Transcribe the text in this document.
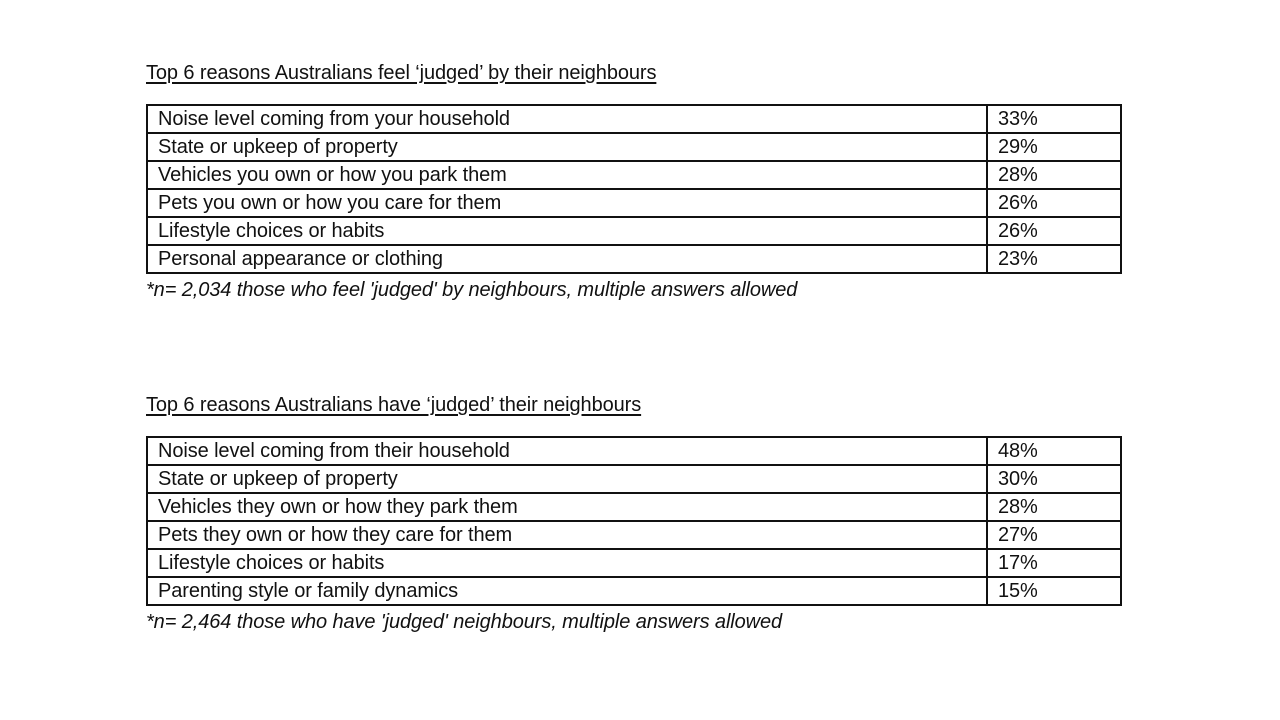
Top 6 reasons Australians feel ‘judged’ by their neighbours
Noise level coming from your household	33%
State or upkeep of property	29%
Vehicles you own or how you park them	28%
Pets you own or how you care for them	26%
Lifestyle choices or habits	26%
Personal appearance or clothing	23%
*n= 2,034 those who feel 'judged' by neighbours, multiple answers allowed
Top 6 reasons Australians have ‘judged’ their neighbours
Noise level coming from their household	48%
State or upkeep of property	30%
Vehicles they own or how they park them	28%
Pets they own or how they care for them	27%
Lifestyle choices or habits	17%
Parenting style or family dynamics	15%
*n= 2,464 those who have 'judged' neighbours, multiple answers allowed
